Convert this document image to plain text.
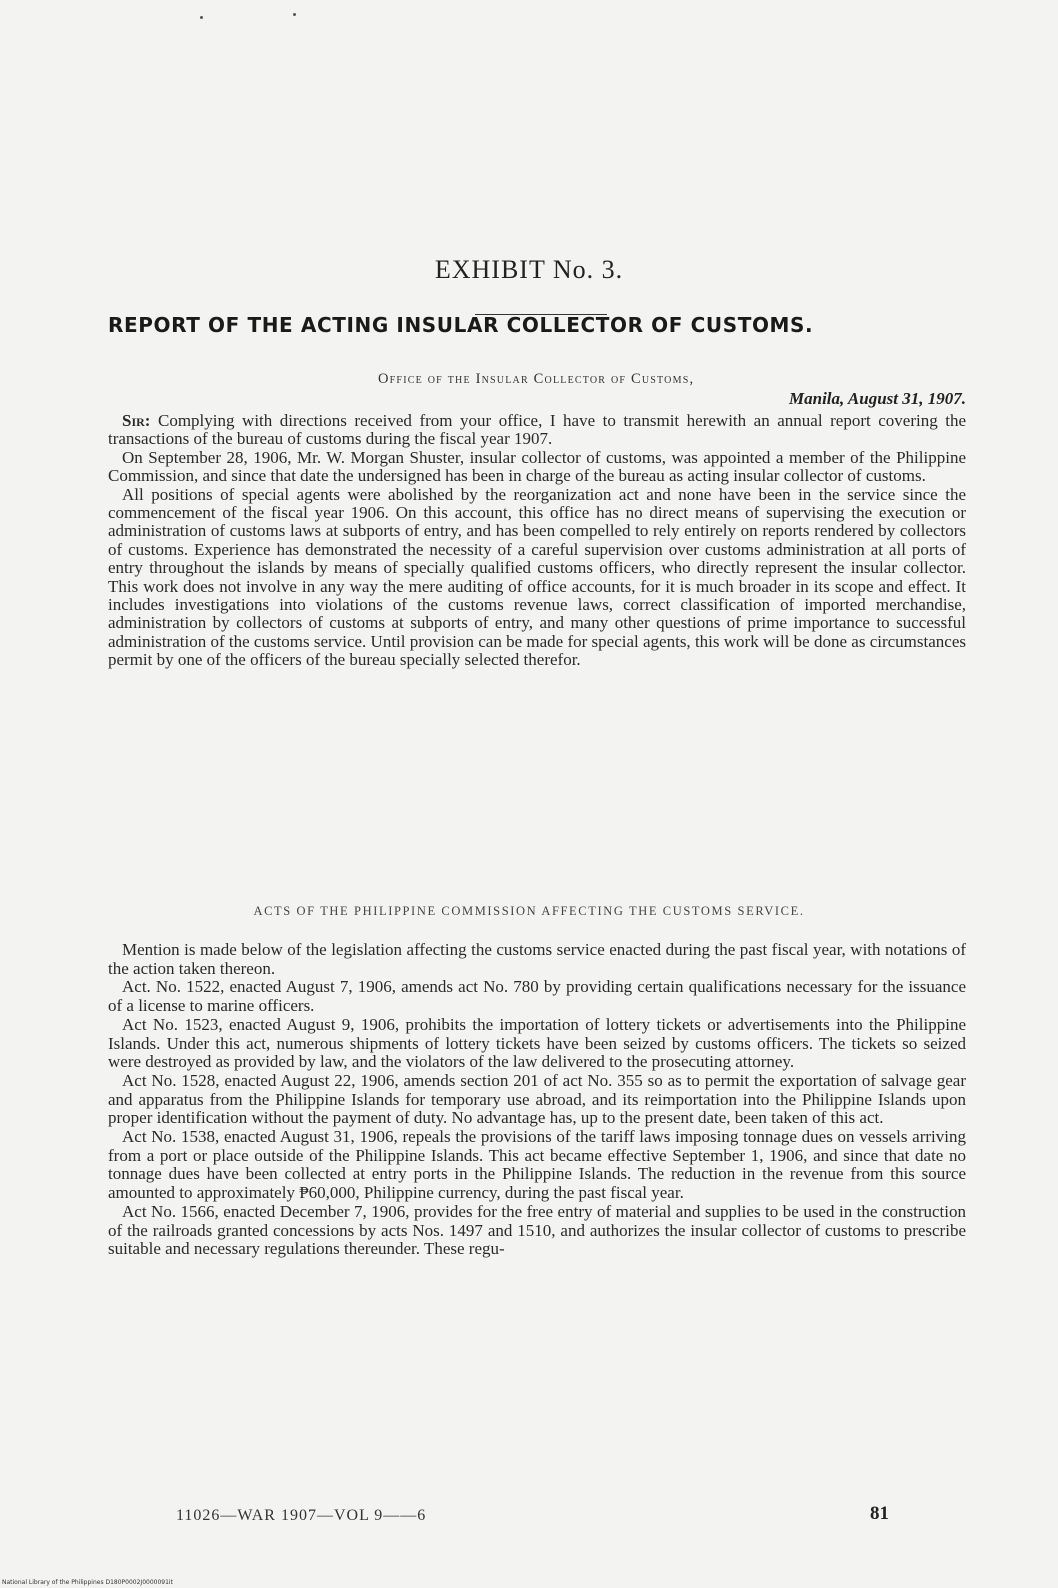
EXHIBIT No. 3.
REPORT OF THE ACTING INSULAR COLLECTOR OF CUSTOMS.
Office of the Insular Collector of Customs,
Manila, August 31, 1907.

Sir: Complying with directions received from your office, I have to transmit herewith an annual report covering the transactions of the bureau of customs during the fiscal year 1907.

On September 28, 1906, Mr. W. Morgan Shuster, insular collector of customs, was appointed a member of the Philippine Commission, and since that date the undersigned has been in charge of the bureau as acting insular collector of customs.

All positions of special agents were abolished by the reorganization act and none have been in the service since the commencement of the fiscal year 1906. On this account, this office has no direct means of supervising the execution or administration of customs laws at subports of entry, and has been compelled to rely entirely on reports rendered by collectors of customs. Experience has demonstrated the necessity of a careful supervision over customs administration at all ports of entry throughout the islands by means of specially qualified customs officers, who directly represent the insular collector. This work does not involve in any way the mere auditing of office accounts, for it is much broader in its scope and effect. It includes investigations into violations of the customs revenue laws, correct classification of imported merchandise, administration by collectors of customs at subports of entry, and many other questions of prime importance to successful administration of the customs service. Until provision can be made for special agents, this work will be done as circumstances permit by one of the officers of the bureau specially selected therefor.

ACTS OF THE PHILIPPINE COMMISSION AFFECTING THE CUSTOMS SERVICE.

Mention is made below of the legislation affecting the customs service enacted during the past fiscal year, with notations of the action taken thereon.

Act. No. 1522, enacted August 7, 1906, amends act No. 780 by providing certain qualifications necessary for the issuance of a license to marine officers.

Act No. 1523, enacted August 9, 1906, prohibits the importation of lottery tickets or advertisements into the Philippine Islands. Under this act, numerous shipments of lottery tickets have been seized by customs officers. The tickets so seized were destroyed as provided by law, and the violators of the law delivered to the prosecuting attorney.

Act No. 1528, enacted August 22, 1906, amends section 201 of act No. 355 so as to permit the exportation of salvage gear and apparatus from the Philippine Islands for temporary use abroad, and its reimportation into the Philippine Islands upon proper identification without the payment of duty. No advantage has, up to the present date, been taken of this act.

Act No. 1538, enacted August 31, 1906, repeals the provisions of the tariff laws imposing tonnage dues on vessels arriving from a port or place outside of the Philippine Islands. This act became effective September 1, 1906, and since that date no tonnage dues have been collected at entry ports in the Philippine Islands. The reduction in the revenue from this source amounted to approximately ₱60,000, Philippine currency, during the past fiscal year.

Act No. 1566, enacted December 7, 1906, provides for the free entry of material and supplies to be used in the construction of the railroads granted concessions by acts Nos. 1497 and 1510, and authorizes the insular collector of customs to prescribe suitable and necessary regulations thereunder. These regu-

11026—WAR 1907—VOL 9——6	81
National Library of the Philippines D180P0002J0000091it
